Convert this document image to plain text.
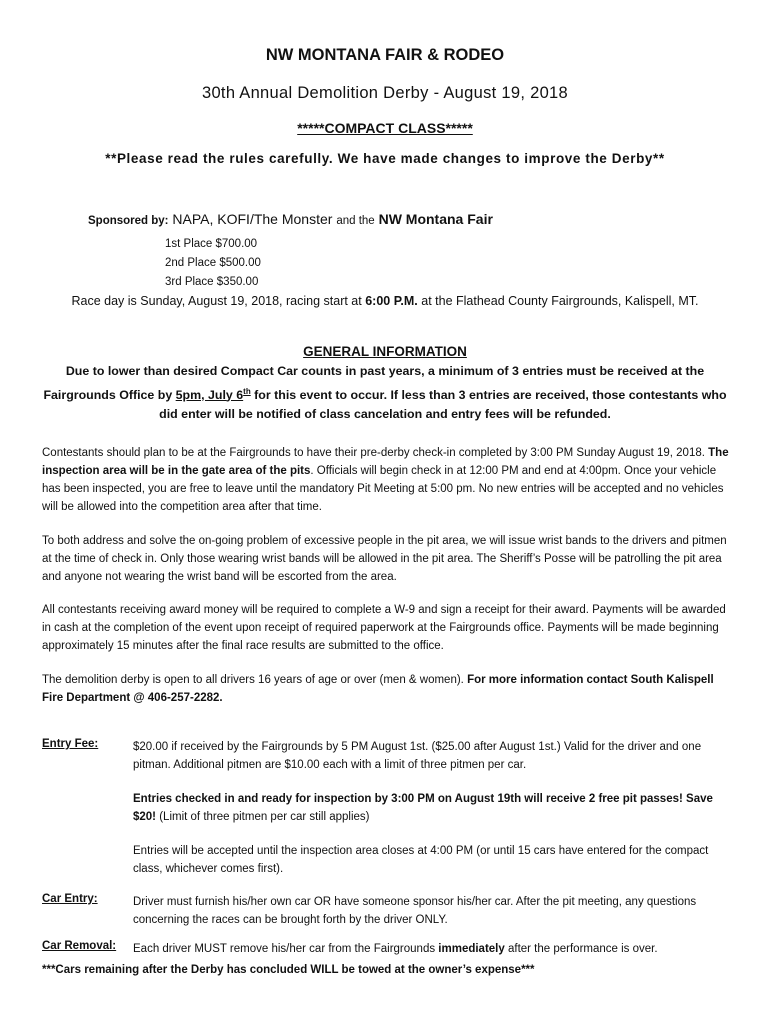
NW MONTANA FAIR & RODEO
30th Annual Demolition Derby - August 19, 2018
*****COMPACT CLASS*****
**Please read the rules carefully. We have made changes to improve the Derby**
Sponsored by: NAPA, KOFI/The Monster and the NW Montana Fair
1st Place $700.00
2nd Place $500.00
3rd Place $350.00
Race day is Sunday, August 19, 2018, racing start at 6:00 P.M. at the Flathead County Fairgrounds, Kalispell, MT.
GENERAL INFORMATION
Due to lower than desired Compact Car counts in past years, a minimum of 3 entries must be received at the Fairgrounds Office by 5pm, July 6th for this event to occur. If less than 3 entries are received, those contestants who did enter will be notified of class cancelation and entry fees will be refunded.
Contestants should plan to be at the Fairgrounds to have their pre-derby check-in completed by 3:00 PM Sunday August 19, 2018. The inspection area will be in the gate area of the pits. Officials will begin check in at 12:00 PM and end at 4:00pm. Once your vehicle has been inspected, you are free to leave until the mandatory Pit Meeting at 5:00 pm. No new entries will be accepted and no vehicles will be allowed into the competition area after that time.
To both address and solve the on-going problem of excessive people in the pit area, we will issue wrist bands to the drivers and pitmen at the time of check in. Only those wearing wrist bands will be allowed in the pit area. The Sheriff’s Posse will be patrolling the pit area and anyone not wearing the wrist band will be escorted from the area.
All contestants receiving award money will be required to complete a W-9 and sign a receipt for their award. Payments will be awarded in cash at the completion of the event upon receipt of required paperwork at the Fairgrounds office. Payments will be made beginning approximately 15 minutes after the final race results are submitted to the office.
The demolition derby is open to all drivers 16 years of age or over (men & women). For more information contact South Kalispell Fire Department @ 406-257-2282.
Entry Fee:	$20.00 if received by the Fairgrounds by 5 PM August 1st. ($25.00 after August 1st.) Valid for the driver and one pitman. Additional pitmen are $10.00 each with a limit of three pitmen per car.
Entries checked in and ready for inspection by 3:00 PM on August 19th will receive 2 free pit passes! Save $20! (Limit of three pitmen per car still applies)
Entries will be accepted until the inspection area closes at 4:00 PM (or until 15 cars have entered for the compact class, whichever comes first).
Car Entry:	Driver must furnish his/her own car OR have someone sponsor his/her car. After the pit meeting, any questions concerning the races can be brought forth by the driver ONLY.
Car Removal: Each driver MUST remove his/her car from the Fairgrounds immediately after the performance is over.
***Cars remaining after the Derby has concluded WILL be towed at the owner’s expense***
